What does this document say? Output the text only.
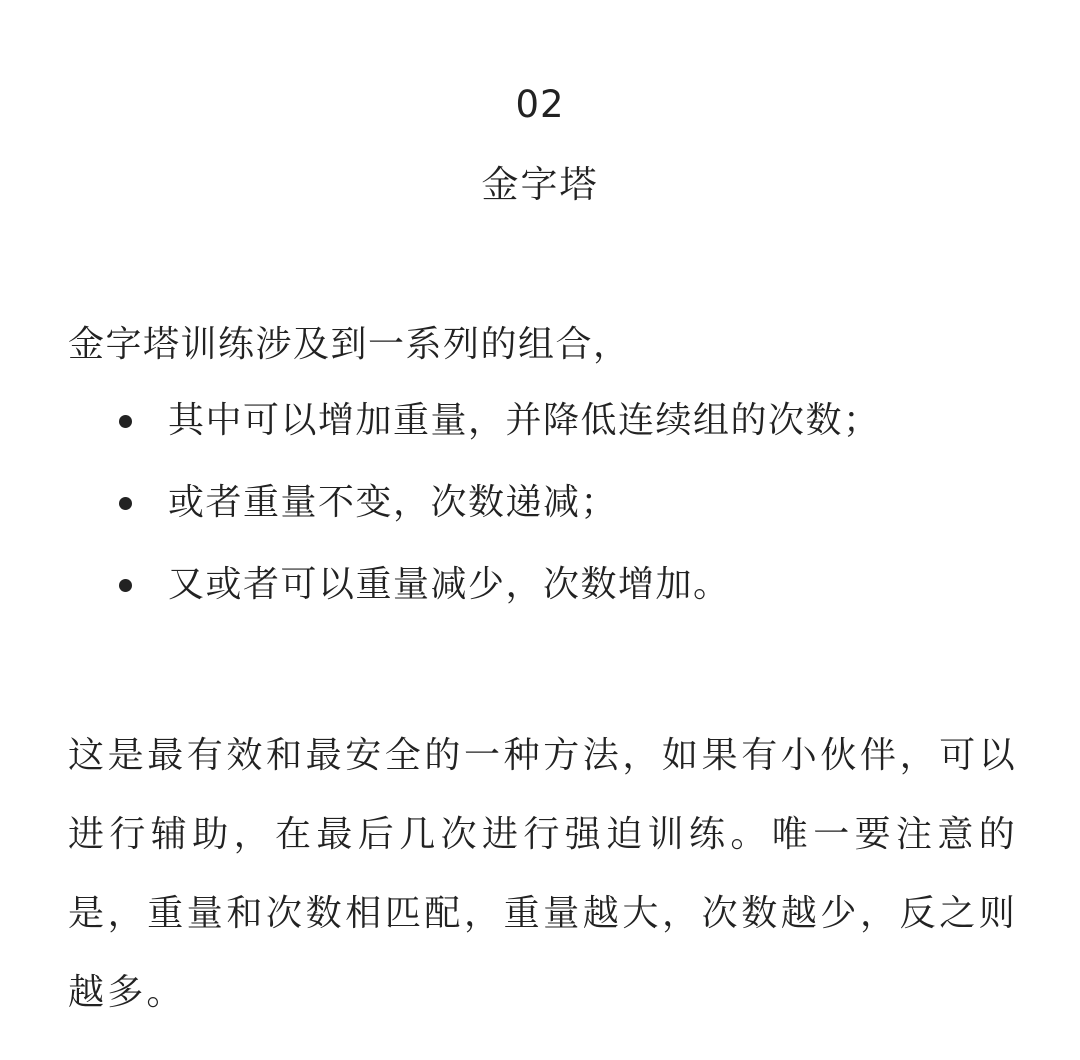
02
金字塔

金字塔训练涉及到一系列的组合，

其中可以增加重量，并降低连续组的次数；
或者重量不变，次数递减；
又或者可以重量减少，次数增加。

这是最有效和最安全的一种方法，如果有小伙伴，可以进行辅助，在最后几次进行强迫训练。唯一要注意的是，重量和次数相匹配，重量越大，次数越少，反之则越多。
